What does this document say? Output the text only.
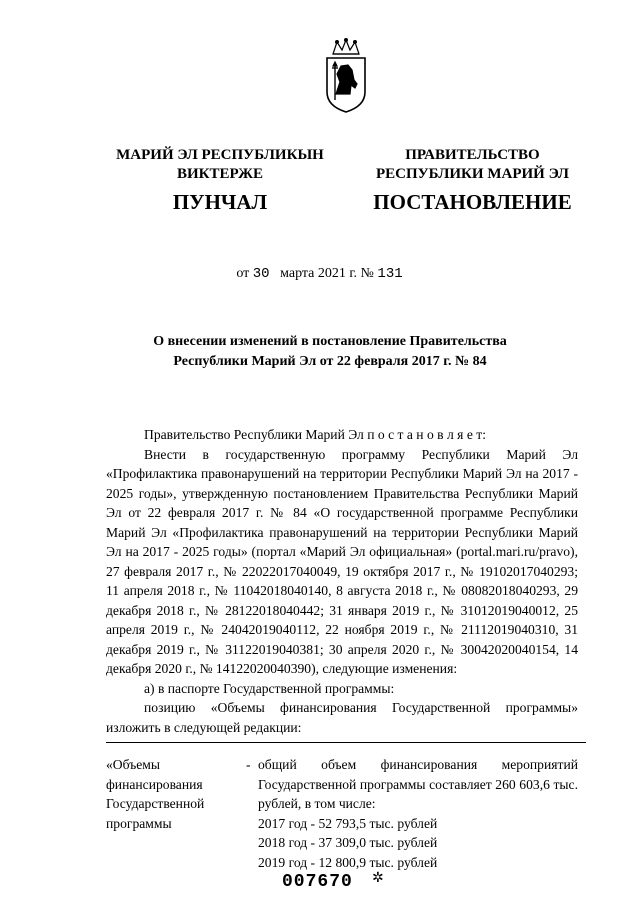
МАРИЙ ЭЛ РЕСПУБЛИКЫН
ВИКТЕРЖЕ
ПУНЧАЛ
ПРАВИТЕЛЬСТВО
РЕСПУБЛИКИ МАРИЙ ЭЛ
ПОСТАНОВЛЕНИЕ
от 30 марта 2021 г. № 131
О внесении изменений в постановление Правительства
Республики Марий Эл от 22 февраля 2017 г. № 84

Правительство Республики Марий Эл п о с т а н о в л я е т:

Внести в государственную программу Республики Марий Эл «Профилактика правонарушений на территории Республики Марий Эл на 2017 - 2025 годы», утвержденную постановлением Правительства Республики Марий Эл от 22 февраля 2017 г. № 84 «О государственной программе Республики Марий Эл «Профилактика правонарушений на территории Республики Марий Эл на 2017 - 2025 годы» (портал «Марий Эл официальная» (portal.mari.ru/pravo), 27 февраля 2017 г., № 22022017040049, 19 октября 2017 г., № 19102017040293; 11 апреля 2018 г., № 11042018040140, 8 августа 2018 г., № 08082018040293, 29 декабря 2018 г., № 28122018040442; 31 января 2019 г., № 31012019040012, 25 апреля 2019 г., № 24042019040112, 22 ноября 2019 г., № 21112019040310, 31 декабря 2019 г., № 31122019040381; 30 апреля 2020 г., № 30042020040154, 14 декабря 2020 г., № 14122020040390), следующие изменения:

а) в паспорте Государственной программы:

позицию «Объемы финансирования Государственной программы» изложить в следующей редакции:

«Объемы финансирования Государственной программы
- общий объем финансирования мероприятий Государственной программы составляет 260 603,6 тыс. рублей, в том числе:
2017 год - 52 793,5 тыс. рублей
2018 год - 37 309,0 тыс. рублей
2019 год - 12 800,9 тыс. рублей
007670 ✲
